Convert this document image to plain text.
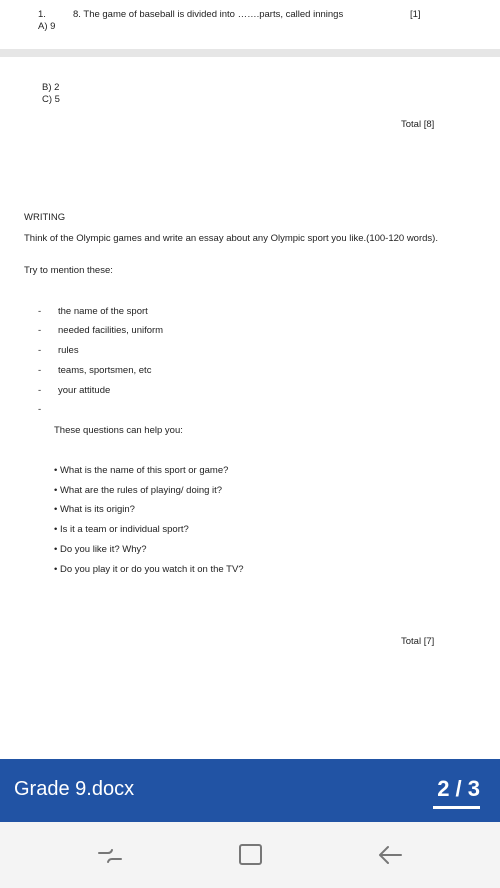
1.	8. The game of baseball is divided into …….parts, called innings	[1]
A) 9
B) 2
C) 5
Total [8]
WRITING
Think of the Olympic games and write an essay about any Olympic sport you like.(100-120 words).
Try to mention these:
- the name of the sport
- needed facilities, uniform
- rules
- teams, sportsmen, etc
- your attitude
-
These questions can help you:
• What is the name of this sport or game?
• What are the rules of playing/ doing it?
• What is its origin?
• Is it a team or individual sport?
• Do you like it? Why?
• Do you play it or do you watch it on the TV?
Total [7]
Grade 9.docx	2 / 3
